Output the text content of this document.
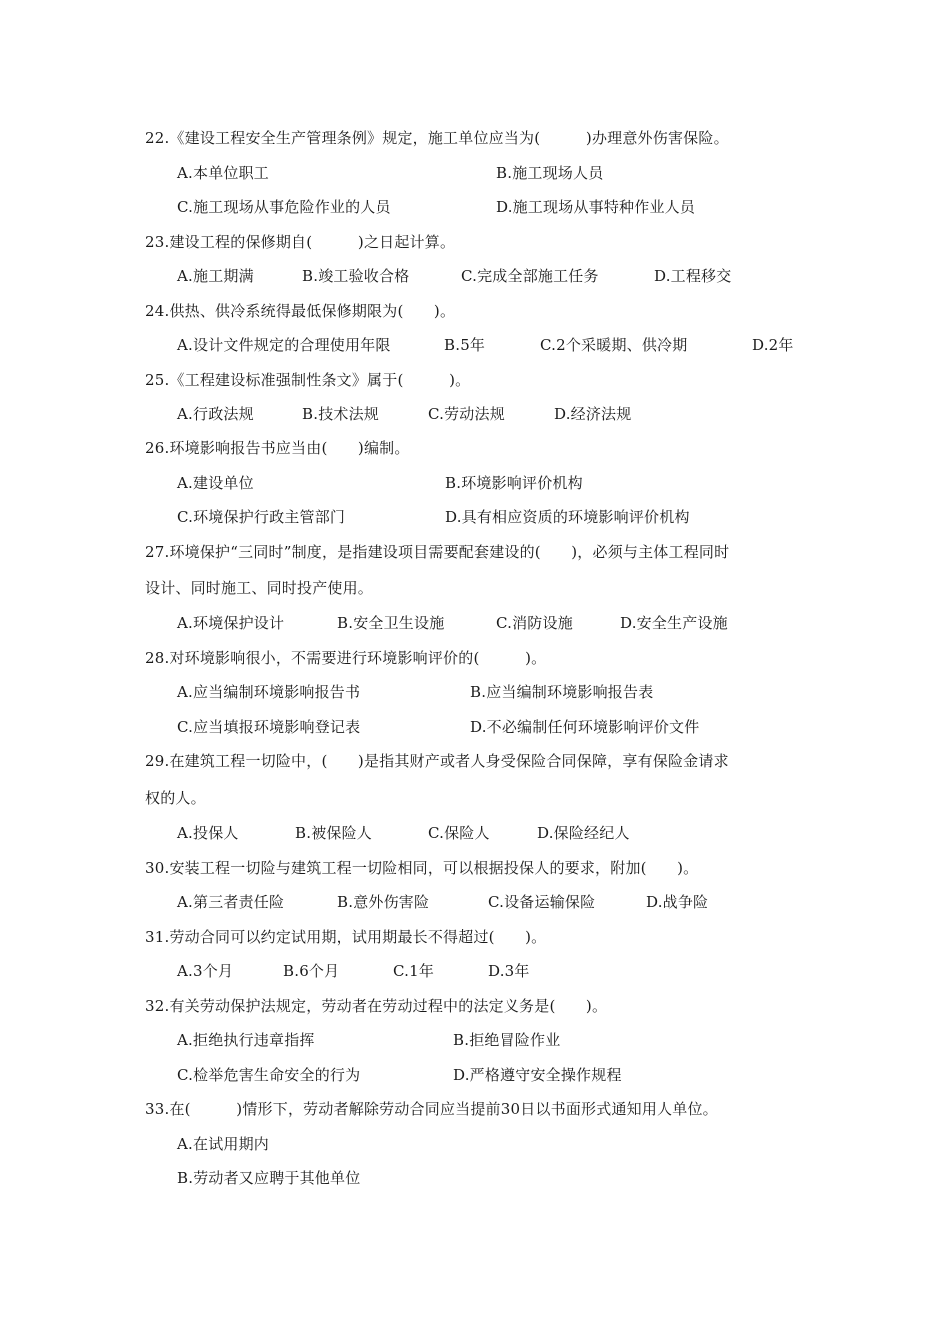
22.《建设工程安全生产管理条例》规定，施工单位应当为(　　　)办理意外伤害保险。
A.本单位职工	B.施工现场人员
C.施工现场从事危险作业的人员	D.施工现场从事特种作业人员
23.建设工程的保修期自(　　　)之日起计算。
A.施工期满	B.竣工验收合格	C.完成全部施工任务	D.工程移交
24.供热、供冷系统得最低保修期限为(　　)。
A.设计文件规定的合理使用年限	B.5年	C.2个采暖期、供冷期	D.2年
25.《工程建设标准强制性条文》属于(　　　)。
A.行政法规	B.技术法规	C.劳动法规	D.经济法规
26.环境影响报告书应当由(　　)编制。
A.建设单位	B.环境影响评价机构
C.环境保护行政主管部门	D.具有相应资质的环境影响评价机构
27.环境保护“三同时”制度，是指建设项目需要配套建设的(　　)，必须与主体工程同时
设计、同时施工、同时投产使用。
A.环境保护设计	B.安全卫生设施	C.消防设施	D.安全生产设施
28.对环境影响很小，不需要进行环境影响评价的(　　　)。
A.应当编制环境影响报告书	B.应当编制环境影响报告表
C.应当填报环境影响登记表	D.不必编制任何环境影响评价文件
29.在建筑工程一切险中，(　　)是指其财产或者人身受保险合同保障，享有保险金请求
权的人。
A.投保人	B.被保险人	C.保险人	D.保险经纪人
30.安装工程一切险与建筑工程一切险相同，可以根据投保人的要求，附加(　　)。
A.第三者责任险	B.意外伤害险	C.设备运输保险	D.战争险
31.劳动合同可以约定试用期，试用期最长不得超过(　　)。
A.3个月	B.6个月	C.1年	D.3年
32.有关劳动保护法规定，劳动者在劳动过程中的法定义务是(　　)。
A.拒绝执行违章指挥	B.拒绝冒险作业
C.检举危害生命安全的行为	D.严格遵守安全操作规程
33.在(　　　)情形下，劳动者解除劳动合同应当提前30日以书面形式通知用人单位。
A.在试用期内
B.劳动者又应聘于其他单位
